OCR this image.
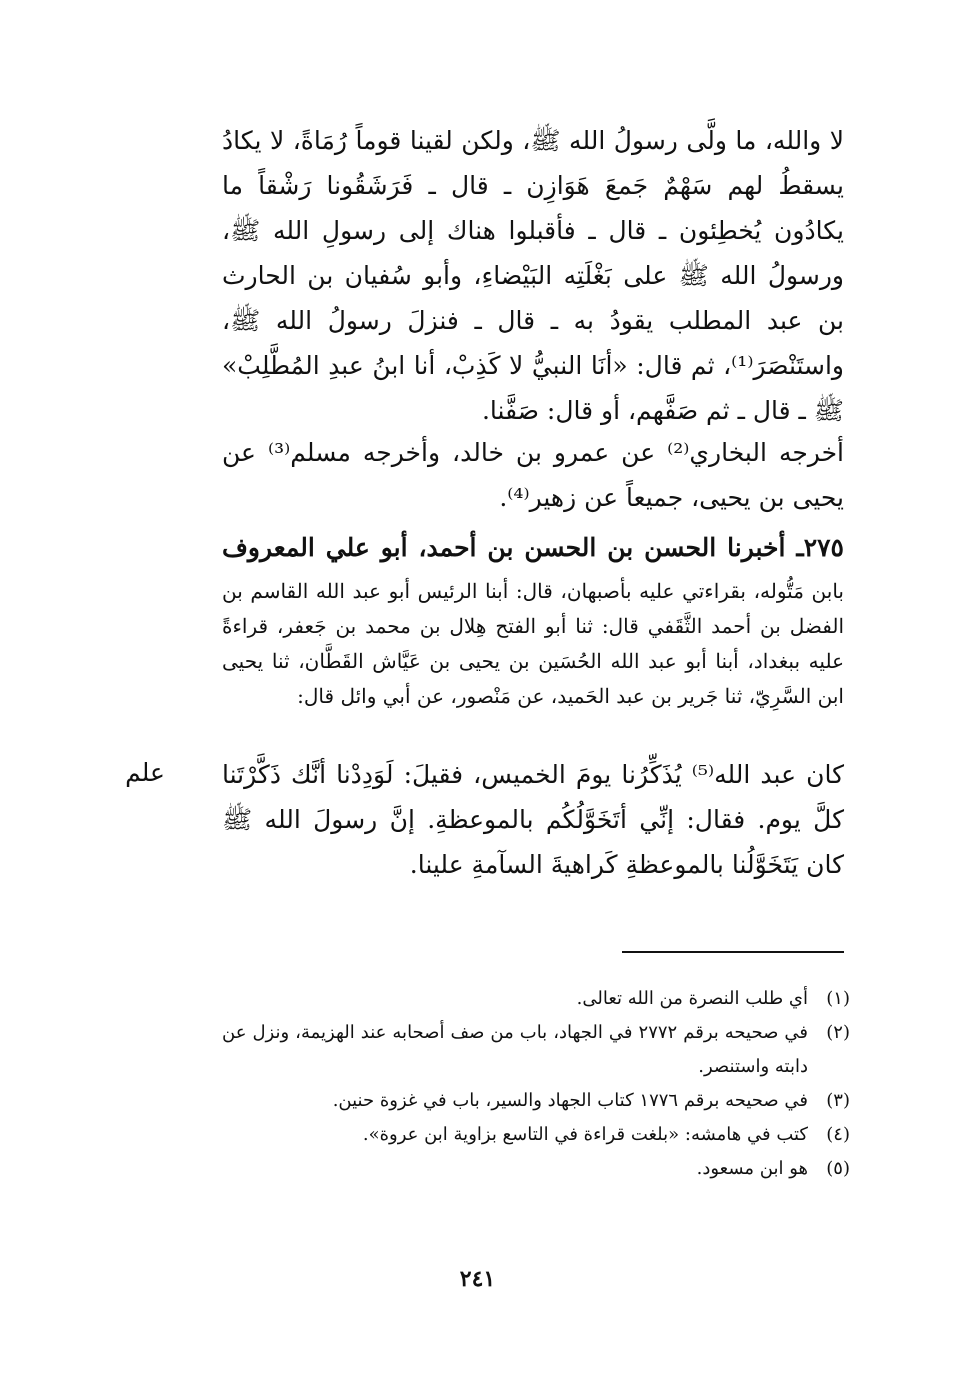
لا والله، ما ولَّى رسولُ الله ﷺ، ولكن لقينا قوماً رُمَاةً، لا يكادُ يسقطُ لهم سَهْمٌ جَمعَ هَوَازِن ـ قال ـ فَرَشَقُونا رَشْقاً ما يكادُون يُخطِئون ـ قال ـ فأقبلوا هناك إلى رسولِ الله ﷺ، ورسولُ الله ﷺ على بَغْلَتِه البَيْضاءِ، وأبو سُفيان بن الحارث بن عبد المطلب يقودُ به ـ قال ـ فنزلَ رسولُ الله ﷺ، واستَنْصَرَ⁽¹⁾، ثم قال: «أنَا النبيُّ لا كَذِبْ، أنا ابنُ عبدِ المُطَّلِبْ» ﷺ ـ قال ـ ثم صَفَّهم، أو قال: صَفَّنا.
أخرجه البخاري⁽²⁾ عن عمرو بن خالد، وأخرجه مسلم⁽³⁾ عن يحيى بن يحيى، جميعاً عن زهير⁽⁴⁾.
٢٧٥ـ أخبرنا الحسن بن الحسن بن أحمد، أبو علي المعروف
بابن مَتُّوله، بقراءتي عليه بأصبهان، قال: أبنا الرئيس أبو عبد الله القاسم بن الفضل بن أحمد الثَّقَفي قال: ثنا أبو الفتح هِلال بن محمد بن جَعفر، قراءةً عليه ببغداد، أبنا أبو عبد الله الحُسَين بن يحيى بن عَيَّاش القَطَّان، ثنا يحيى ابن السَّرِيّ، ثنا جَرير بن عبد الحَميد، عن مَنْصور، عن أبي وائل قال:
كان عبد الله⁽⁵⁾ يُذَكِّرُنا يومَ الخميس، فقيلَ: لَوَدِدْنا أنَّك ذَكَّرْتَنا كلَّ يوم. فقال: إنِّي أتَخَوَّلُكُم بالموعظةِ. إنَّ رسولَ الله ﷺ كان يَتَخَوَّلُنا بالموعظةِ كَراهيةَ السآمةِ علينا.
علم
(١)
أي طلب النصرة من الله تعالى.
(٢)
في صحيحه برقم ٢٧٧٢ في الجهاد، باب من صف أصحابه عند الهزيمة، ونزل عن دابته واستنصر.
(٣)
في صحيحه برقم ١٧٧٦ كتاب الجهاد والسير، باب في غزوة حنين.
(٤)
كتب في هامشه: «بلغت قراءة في التاسع بزاوية ابن عروة».
(٥)
هو ابن مسعود.
٢٤١
